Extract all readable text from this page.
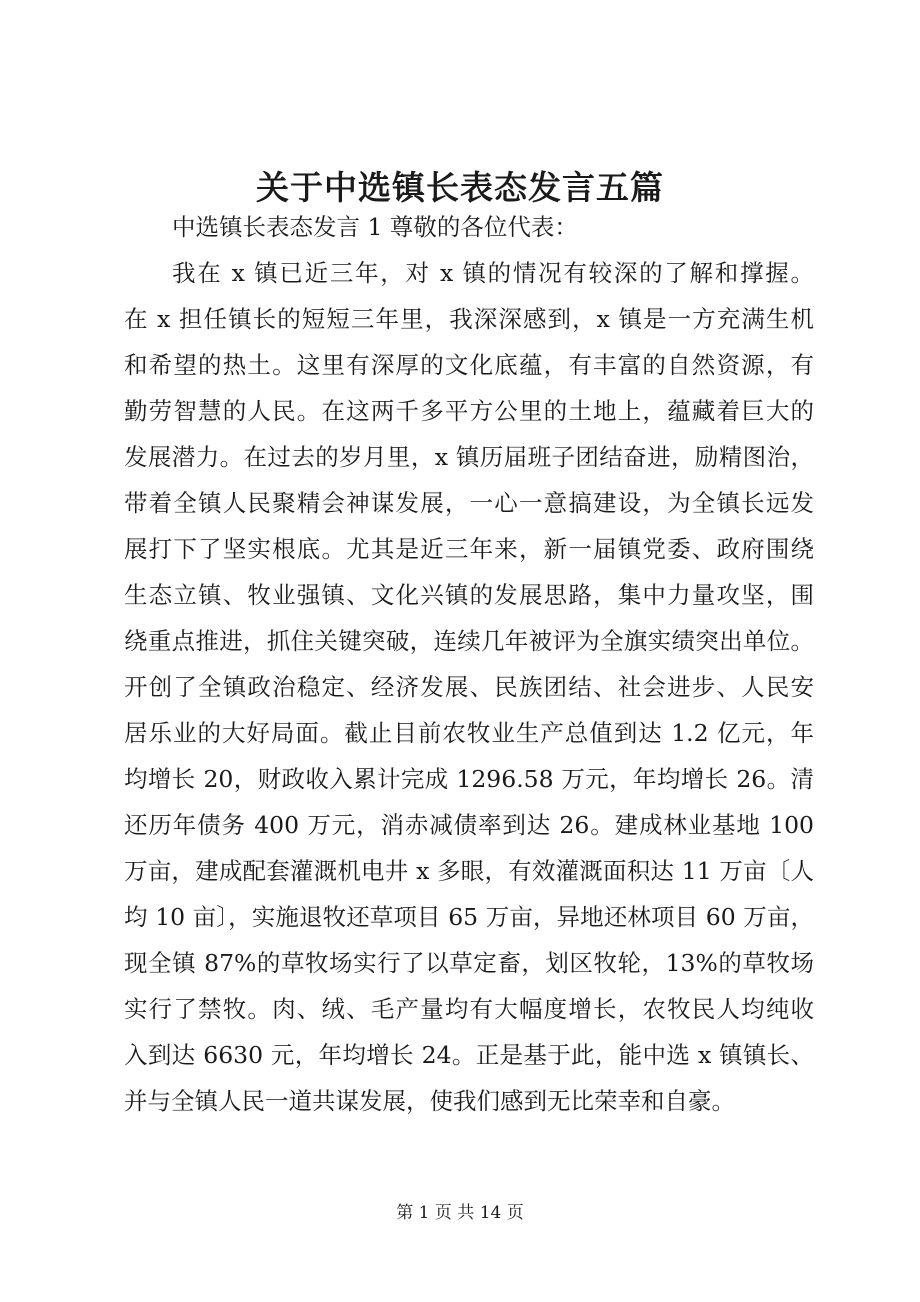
关于中选镇长表态发言五篇

中选镇长表态发言 1 尊敬的各位代表：

我在 x 镇已近三年，对 x 镇的情况有较深的了解和撑握。

在 x 担任镇长的短短三年里，我深深感到，x 镇是一方充满生机

和希望的热土。这里有深厚的文化底蕴，有丰富的自然资源，有

勤劳智慧的人民。在这两千多平方公里的土地上，蕴藏着巨大的

发展潜力。在过去的岁月里，x 镇历届班子团结奋进，励精图治，

带着全镇人民聚精会神谋发展，一心一意搞建设，为全镇长远发

展打下了坚实根底。尤其是近三年来，新一届镇党委、政府围绕

生态立镇、牧业强镇、文化兴镇的发展思路，集中力量攻坚，围

绕重点推进，抓住关键突破，连续几年被评为全旗实绩突出单位。

开创了全镇政治稳定、经济发展、民族团结、社会进步、人民安

居乐业的大好局面。截止目前农牧业生产总值到达 1.2 亿元，年

均增长 20，财政收入累计完成 1296.58 万元，年均增长 26。清

还历年债务 400 万元，消赤减债率到达 26。建成林业基地 100

万亩，建成配套灌溉机电井 x 多眼，有效灌溉面积达 11 万亩〔人

均 10 亩〕，实施退牧还草项目 65 万亩，异地还林项目 60 万亩，

现全镇 87%的草牧场实行了以草定畜，划区牧轮，13%的草牧场

实行了禁牧。肉、绒、毛产量均有大幅度增长，农牧民人均纯收

入到达 6630 元，年均增长 24。正是基于此，能中选 x 镇镇长、

并与全镇人民一道共谋发展，使我们感到无比荣幸和自豪。

第 1 页 共 14 页
